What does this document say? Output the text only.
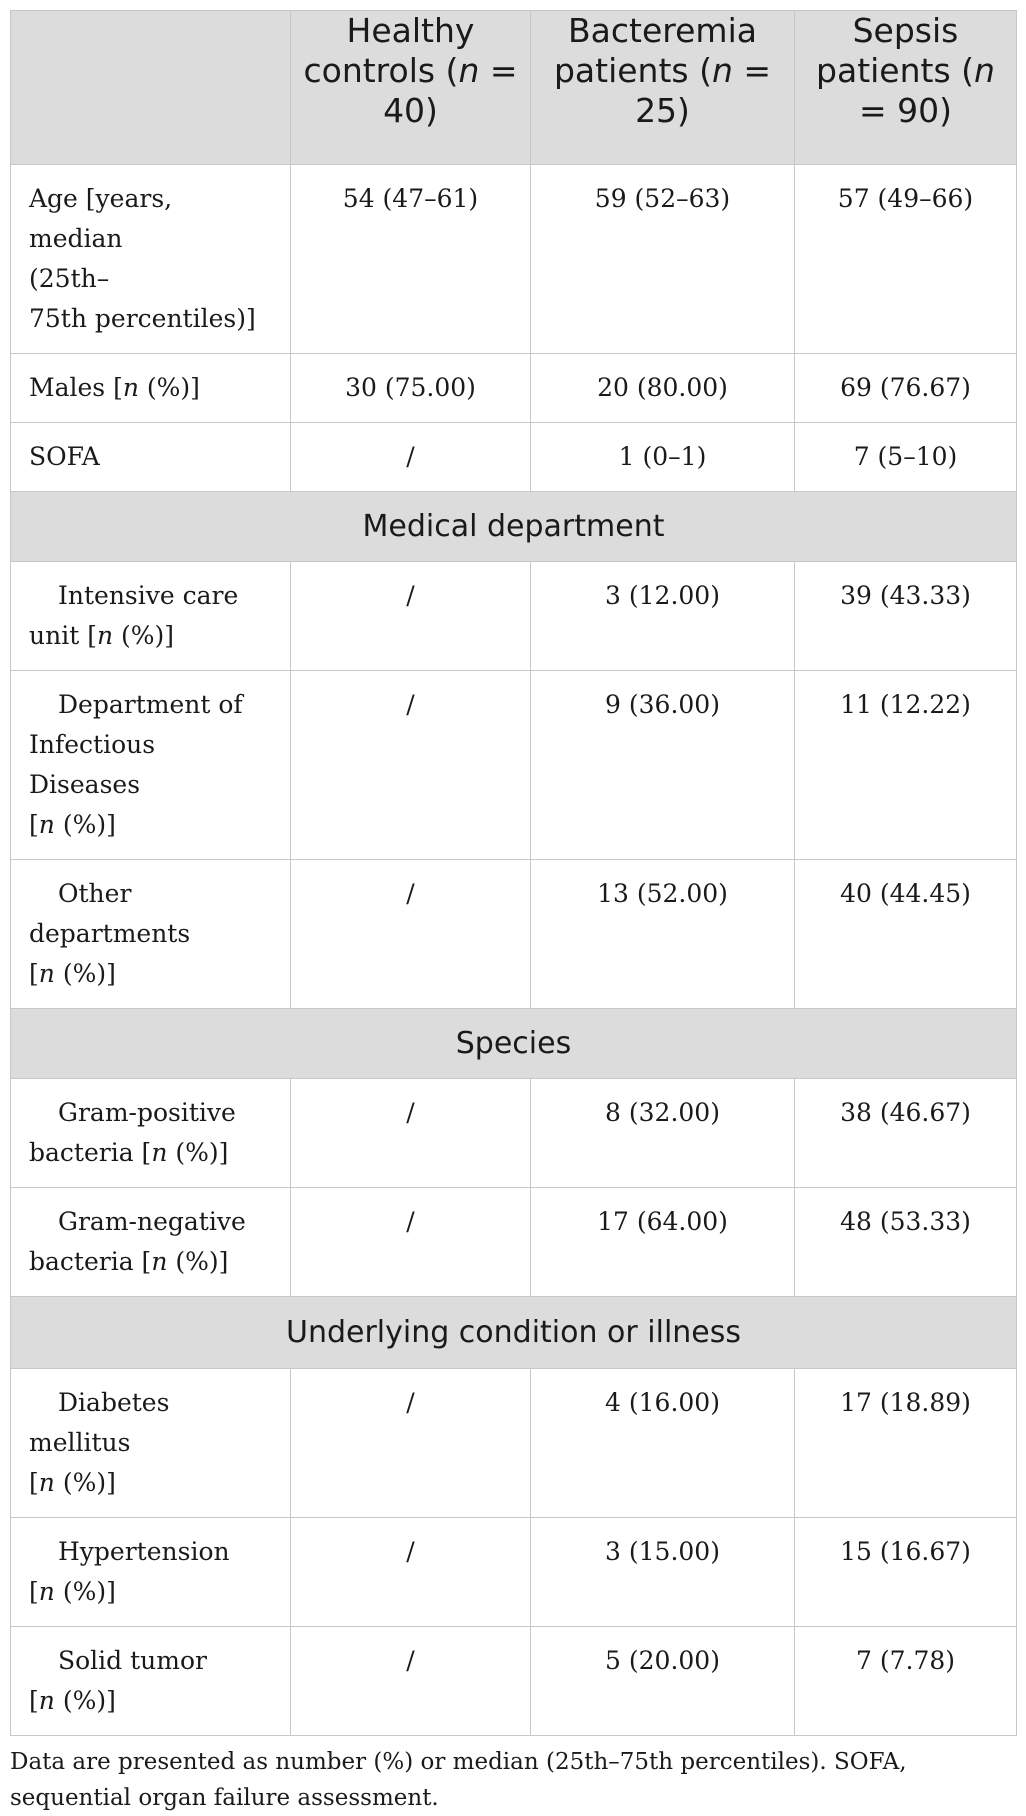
	Healthy controls (n = 40)	Bacteremia patients (n = 25)	Sepsis patients (n = 90)
Age [years, median
(25th–
75th percentiles)]	54 (47–61)	59 (52–63)	57 (49–66)
Males [n (%)]	30 (75.00)	20 (80.00)	69 (76.67)
SOFA	/	1 (0–1)	7 (5–10)
Medical department			
Intensive care
unit [n (%)]	/	3 (12.00)	39 (43.33)
Department of
Infectious Diseases
[n (%)]	/	9 (36.00)	11 (12.22)
Other
departments
[n (%)]	/	13 (52.00)	40 (44.45)
Species			
Gram-positive
bacteria [n (%)]	/	8 (32.00)	38 (46.67)
Gram-negative
bacteria [n (%)]	/	17 (64.00)	48 (53.33)
Underlying condition or illness			
Diabetes mellitus
[n (%)]	/	4 (16.00)	17 (18.89)
Hypertension
[n (%)]	/	3 (15.00)	15 (16.67)
Solid tumor
[n (%)]	/	5 (20.00)	7 (7.78)
Data are presented as number (%) or median (25th–75th percentiles). SOFA, sequential organ failure assessment.
